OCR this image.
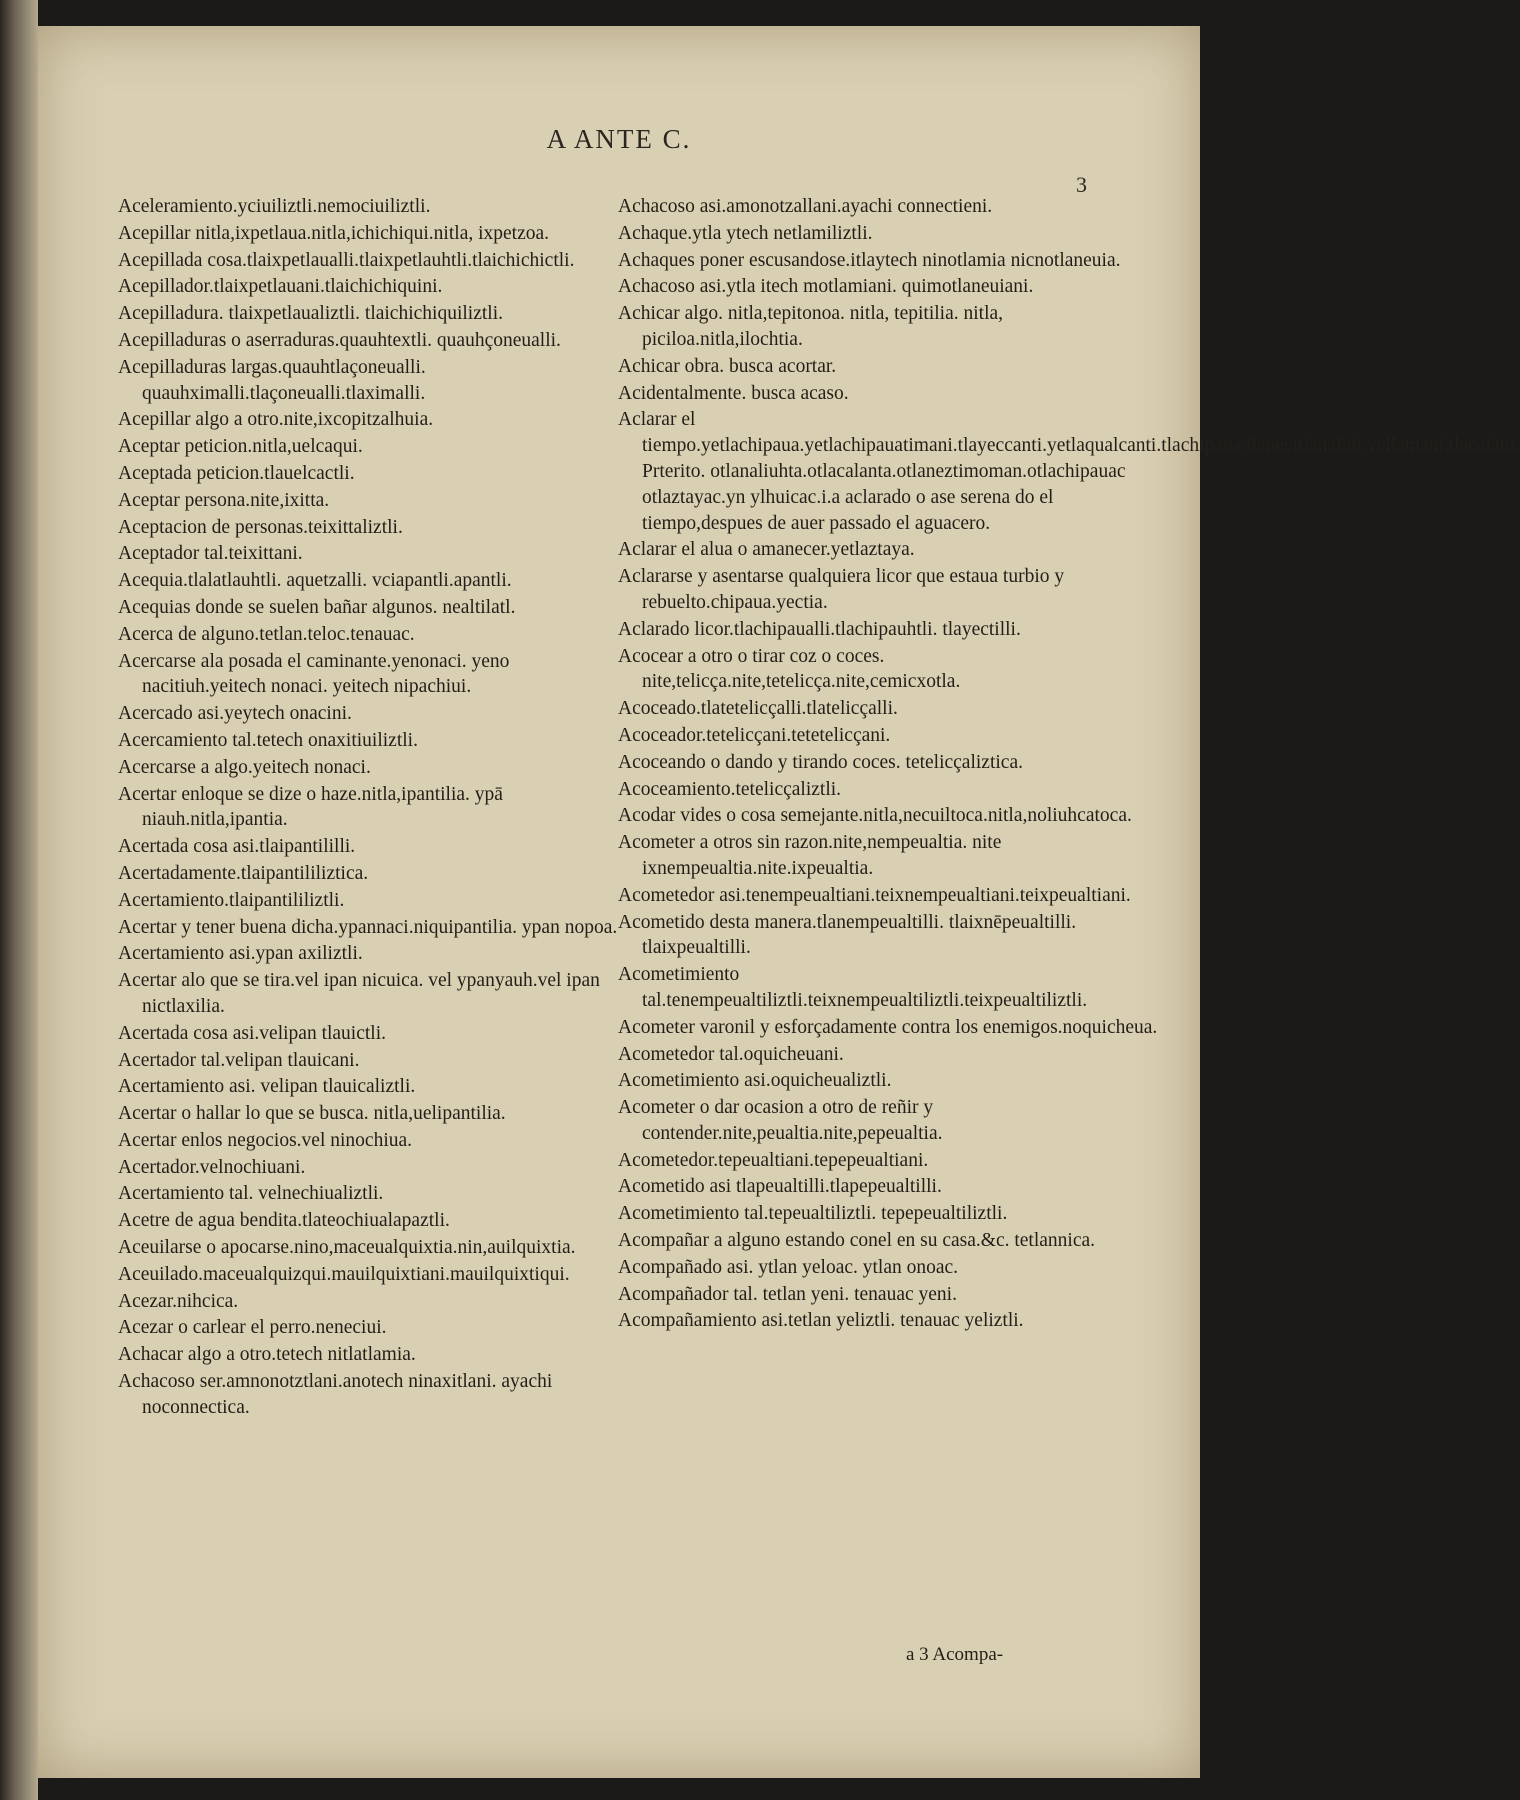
A ANTE C.
3
Aceleramiento.yciuiliztli.nemociuiliztli.
Acepillar nitla,ixpetlaua.nitla,ichichiqui.nitla, ixpetzoa.
Acepillada cosa.tlaixpetlaualli.tlaixpetlauhtli.tlaichichictli.
Acepillador.tlaixpetlauani.tlaichichiquini.
Acepilladura. tlaixpetlaualiztli. tlaichichiquiliztli.
Acepilladuras o aserraduras.quauhtextli. quauhçoneualli.
Acepilladuras largas.quauhtlaçoneualli. quauhximalli.tlaçoneualli.tlaximalli.
Acepillar algo a otro.nite,ixcopitzalhuia.
Aceptar peticion.nitla,uelcaqui.
Aceptada peticion.tlauelcactli.
Aceptar persona.nite,ixitta.
Aceptacion de personas.teixittaliztli.
Aceptador tal.teixittani.
Acequia.tlalatlauhtli. aquetzalli. vciapantli.apantli.
Acequias donde se suelen bañar algunos. nealtilatl.
Acerca de alguno.tetlan.teloc.tenauac.
Acercarse ala posada el caminante.yenonaci. yeno nacitiuh.yeitech nonaci. yeitech nipachiui.
Acercado asi.yeytech onacini.
Acercamiento tal.tetech onaxitiuiliztli.
Acercarse a algo.yeitech nonaci.
Acertar enloque se dize o haze.nitla,ipantilia. ypā niauh.nitla,ipantia.
Acertada cosa asi.tlaipantililli.
Acertadamente.tlaipantililiztica.
Acertamiento.tlaipantililiztli.
Acertar y tener buena dicha.ypannaci.niquipantilia. ypan nopoa.
Acertamiento asi.ypan axiliztli.
Acertar alo que se tira.vel ipan nicuica. vel ypanyauh.vel ipan nictlaxilia.
Acertada cosa asi.velipan tlauictli.
Acertador tal.velipan tlauicani.
Acertamiento asi. velipan tlauicaliztli.
Acertar o hallar lo que se busca. nitla,uelipantilia.
Acertar enlos negocios.vel ninochiua.
Acertador.velnochiuani.
Acertamiento tal. velnechiualiztli.
Acetre de agua bendita.tlateochiualapaztli.
Aceuilarse o apocarse.nino,maceualquixtia.nin,auilquixtia.
Aceuilado.maceualquizqui.mauilquixtiani.mauilquixtiqui.
Acezar.nihcica.
Acezar o carlear el perro.neneciui.
Achacar algo a otro.tetech nitlatlamia.
Achacoso ser.amnonotztlani.anotech ninaxitlani. ayachi noconnectica.
Achacoso asi.amonotzallani.ayachi connectieni.
Achaque.ytla ytech netlamiliztli.
Achaques poner escusandose.itlaytech ninotlamia nicnotlaneuia.
Achacoso asi.ytla itech motlamiani. quimotlaneuiani.
Achicar algo. nitla,tepitonoa. nitla, tepitilia. nitla, piciloa.nitla,ilochtia.
Achicar obra. busca acortar.
Acidentalmente. busca acaso.
Aclarar el tiempo.yetlachipaua.yetlachipauatimani.tlayeccanti.yetlaqualcanti.tlachipaua.tlanecitlanaliui.vellamani.tlacalani. Prterito. otlanaliuhta.otlacalanta.otlaneztimoman.otlachipauac otlaztayac.yn ylhuicac.i.a aclarado o ase serena do el tiempo,despues de auer passado el aguacero.
Aclarar el alua o amanecer.yetlaztaya.
Aclararse y asentarse qualquiera licor que estaua turbio y rebuelto.chipaua.yectia.
Aclarado licor.tlachipaualli.tlachipauhtli. tlayectilli.
Acocear a otro o tirar coz o coces. nite,telicça.nite,tetelicça.nite,cemicxotla.
Acoceado.tlatetelicçalli.tlatelicçalli.
Acoceador.tetelicçani.tetetelicçani.
Acoceando o dando y tirando coces. tetelicçaliztica.
Acoceamiento.tetelicçaliztli.
Acodar vides o cosa semejante.nitla,necuiltoca.nitla,noliuhcatoca.
Acometer a otros sin razon.nite,nempeualtia. nite ixnempeualtia.nite.ixpeualtia.
Acometedor asi.tenempeualtiani.teixnempeualtiani.teixpeualtiani.
Acometido desta manera.tlanempeualtilli. tlaixnēpeualtilli. tlaixpeualtilli.
Acometimiento tal.tenempeualtiliztli.teixnempeualtiliztli.teixpeualtiliztli.
Acometer varonil y esforçadamente contra los enemigos.noquicheua.
Acometedor tal.oquicheuani.
Acometimiento asi.oquicheualiztli.
Acometer o dar ocasion a otro de reñir y contender.nite,peualtia.nite,pepeualtia.
Acometedor.tepeualtiani.tepepeualtiani.
Acometido asi tlapeualtilli.tlapepeualtilli.
Acometimiento tal.tepeualtiliztli. tepepeualtiliztli.
Acompañar a alguno estando conel en su casa.&c. tetlannica.
Acompañado asi. ytlan yeloac. ytlan onoac.
Acompañador tal. tetlan yeni. tenauac yeni.
Acompañamiento asi.tetlan yeliztli. tenauac yeliztli.
a 3 Acompa-
